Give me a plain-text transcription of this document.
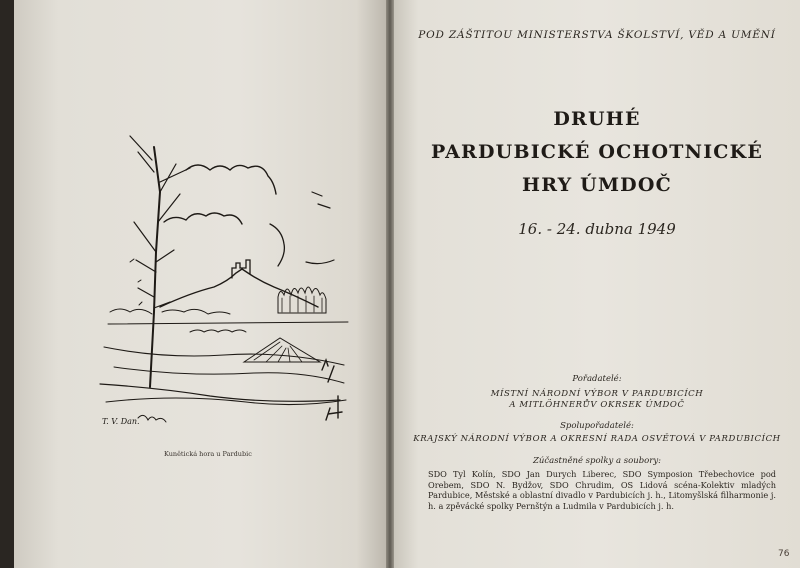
T. V. Dan.
Kunětická hora u Pardubic
POD ZÁŠTITOU MINISTERSTVA ŠKOLSTVÍ, VĚD A UMĚNÍ
DRUHÉ
PARDUBICKÉ OCHOTNICKÉ
HRY ÚMDOČ
16. - 24. dubna 1949
Pořadatelé:
MÍSTNÍ NÁRODNÍ VÝBOR V PARDUBICÍCH
A MITLÖHNERŮV OKRSEK ÚMDOČ
Spolupořadatelé:
KRAJSKÝ NÁRODNÍ VÝBOR A OKRESNÍ RADA OSVĚTOVÁ V PARDUBICÍCH
Zúčastněné spolky a soubory:
SDO Tyl Kolín, SDO Jan Durych Liberec, SDO Symposion Třebechovice pod Orebem, SDO N. Bydžov, SDO Chrudim, OS Lidová scéna-Kolektiv mladých Pardubice, Městské a oblastní divadlo v Pardubicích j. h., Litomyšlská filharmonie j. h. a zpěvácké spolky Pernštýn a Ludmila v Pardubicích j. h.
76
